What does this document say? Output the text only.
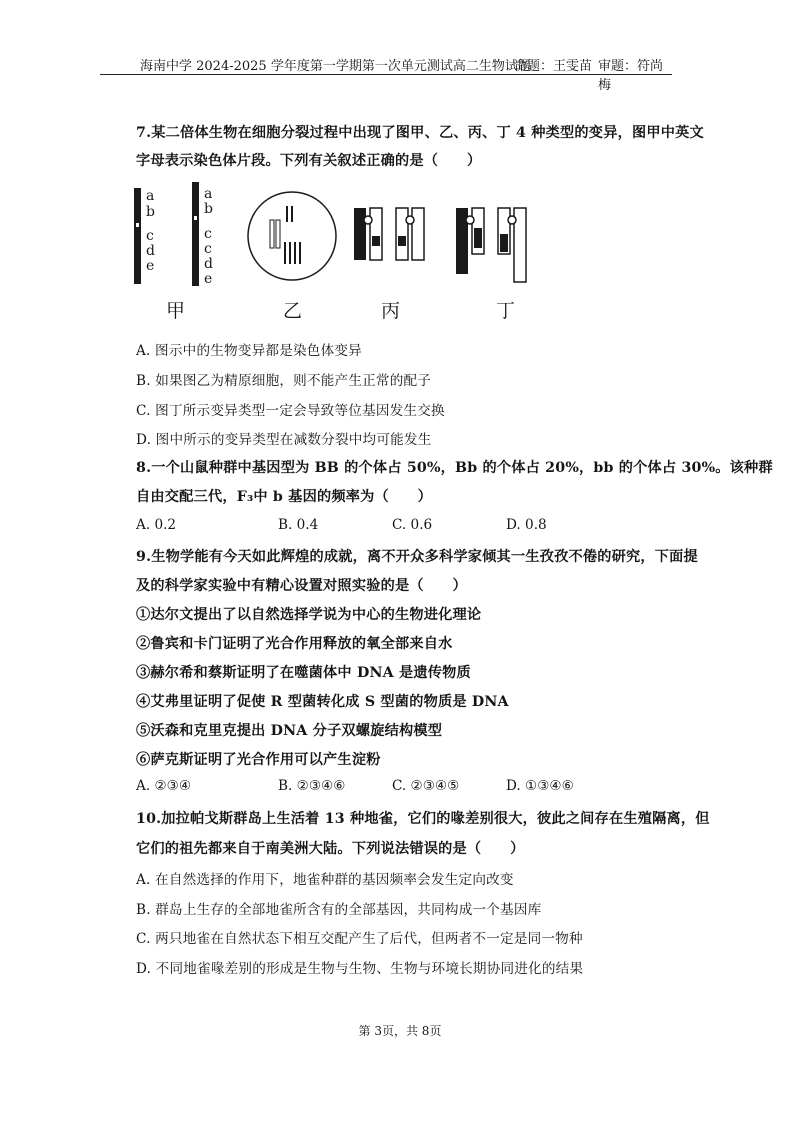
海南中学 2024-2025 学年度第一学期第一次单元测试高二生物试题
命题：王雯苗 审题：符尚梅
7.某二倍体生物在细胞分裂过程中出现了图甲、乙、丙、丁 4 种类型的变异，图甲中英文
字母表示染色体片段。下列有关叙述正确的是（　　）
a
b
c
d
e
a
b
c
c
d
e
甲	乙	丙	丁
A. 图示中的生物变异都是染色体变异
B. 如果图乙为精原细胞，则不能产生正常的配子
C. 图丁所示变异类型一定会导致等位基因发生交换
D. 图中所示的变异类型在减数分裂中均可能发生
8.一个山鼠种群中基因型为 BB 的个体占 50%，Bb 的个体占 20%，bb 的个体占 30%。该种群
自由交配三代，F₃中 b 基因的频率为（　　）
A. 0.2	B. 0.4	C. 0.6	D. 0.8
9.生物学能有今天如此辉煌的成就，离不开众多科学家倾其一生孜孜不倦的研究，下面提
及的科学家实验中有精心设置对照实验的是（　　）
①达尔文提出了以自然选择学说为中心的生物进化理论
②鲁宾和卡门证明了光合作用释放的氧全部来自水
③赫尔希和蔡斯证明了在噬菌体中 DNA 是遗传物质
④艾弗里证明了促使 R 型菌转化成 S 型菌的物质是 DNA
⑤沃森和克里克提出 DNA 分子双螺旋结构模型
⑥萨克斯证明了光合作用可以产生淀粉
A. ②③④	B. ②③④⑥	C. ②③④⑤	D. ①③④⑥
10.加拉帕戈斯群岛上生活着 13 种地雀，它们的喙差别很大，彼此之间存在生殖隔离，但
它们的祖先都来自于南美洲大陆。下列说法错误的是（　　）
A. 在自然选择的作用下，地雀种群的基因频率会发生定向改变
B. 群岛上生存的全部地雀所含有的全部基因，共同构成一个基因库
C. 两只地雀在自然状态下相互交配产生了后代，但两者不一定是同一物种
D. 不同地雀喙差别的形成是生物与生物、生物与环境长期协同进化的结果
第 3页，共 8页
